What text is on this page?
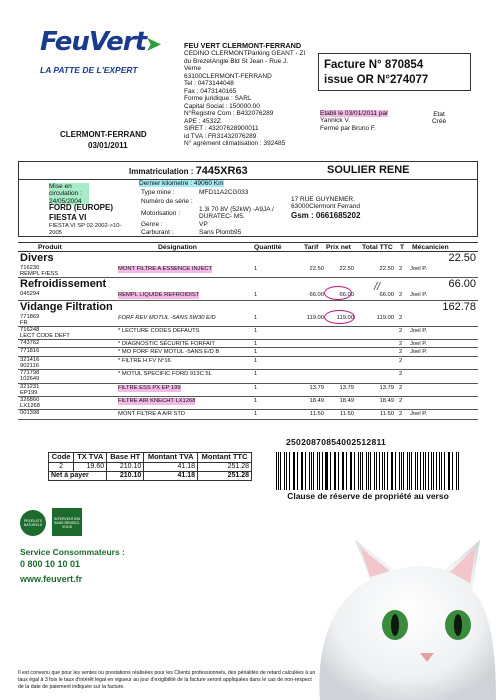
FeuVert➤
LA PATTE DE L'EXPERT
CLERMONT-FERRAND
03/01/2011
FEU VERT CLERMONT-FERRAND
CEDINO CLERMONTParking GEANT - ZI
du BrezetAngle Bld St Jean - Rue J.
Verne
63100CLERMONT-FERRAND
Tel : 0473144048
Fax : 0473140165
Forme juridique : SARL
Capital Social : 150000.00
N°Registre Com : B432076289
APE : 4532Z
SIRET : 43207628900011
id TVA : FR31432076289
N° agrément climatisation : 392485
Facture N° 870854
issue OR N°274077
Etabli le 03/01/2011 par
Yannick V.
Fermé par Bruno F.
Etat
Créé
Immatriculation : 7445XR63	SOULIER RENE
Mise en circulation :
24/05/2004
FORD (EUROPE)
FIESTA VI
FIESTA VI SP 02-2002->10-2005
Dernier kilometre : 49060 Km
Type mine :	MFD11A2CG033
Numéro de série :
Motorisation :
1.3i 70 8V (52kW) -A9JA / DURATEC- M5.
Genre :	VP
Carburant :	Sans Plomb95
17 RUE GUYNEMER.
63000Clermont Ferrand
Gsm : 0661685202
Produit	Désignation	Quantité	Tarif Prix net Total TTC T Mécanicien
Divers	22.50
716230
REMPL F/ESS
MONT FILTRE A ESSENCE INJECT	1	22.50	22.50	22.50 2 Joel P.
Refroidissement	66.00
045294	REMPL LIQUIDE REFROIDIST	1	66.00	66.00	66.00 2 Joel P.
Vidange Filtration	162.78
771869
FR
FORF REV MOTUL -5ANS 5W30 E/D	1	119.00	119.00	119.00 2
716248
LECT CODE DEFT
* LECTURE CODES DEFAUTS	1	2 Joel P.
743762	* DIAGNOSTIC SÉCURITÉ FORFAIT	1	2 Joel P.
771816	* MO FORF REV MOTUL -5ANS E/D B	1	2 Joel P.
321416
902116
* FILTRE H FV N°16	1	2
771798
102649
* MOTUL SPECIFIC FORD 913C 5L	1	2
321231
EP199
FILTRE ESS PX EP 199	1	13.79	13.79	13.79 2
326860
LX1268
FILTRE AIR KNECHT LX1268	1	18.49	18.49	18.49 2
001398	MONT FILTRE A AIR STD	1	11.50	11.50	11.50 2 Joel P.
//
Code	TX TVA	Base HT	Montant TVA	Montant TTC

2	19.60	210.10	41.18	251.28
Net à payer		210.10	41.18	251.28
2502087085400251281​1
Clause de réserve de propriété au verso
PRODUITS NATURELS
INTERVENTION SANS RENDEZ-VOUS
Service Consommateurs :
0 800 10 10 01
www.feuvert.fr
Il est convenu que pour les ventes ou prestations réalisées pour les Clients professionnels, des pénalités de retard calculées à un taux égal à 3 fois le taux d'intérêt légal en vigueur au jour d'exigibilité de la facture seront appliquées dans le cas de non-respect de la date de paiement indiquée sur la facture.
